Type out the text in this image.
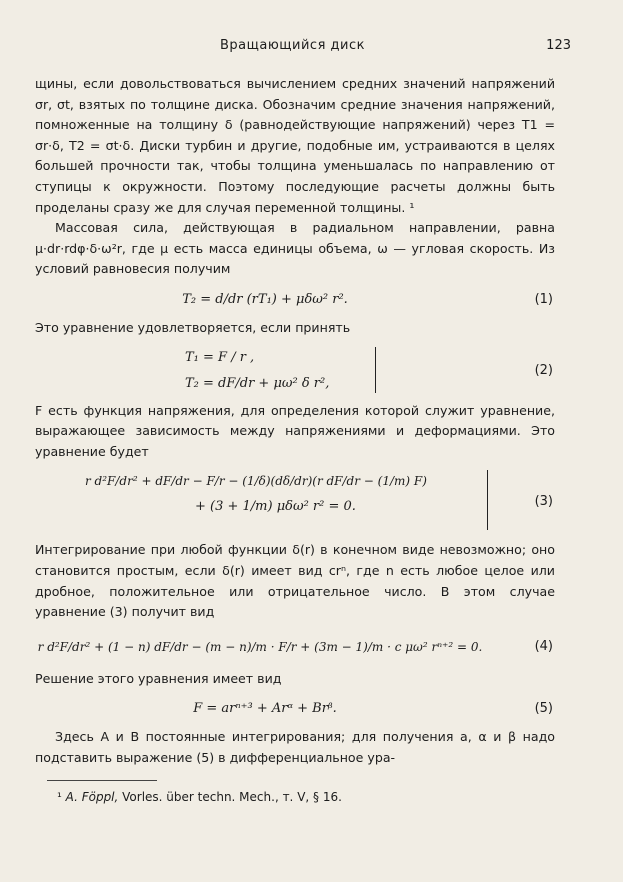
Вращающийся диск	123

щины, если довольствоваться вычислением средних значений напряжений σr, σt, взятых по толщине диска. Обозначим средние значения напряжений, помноженные на толщину δ (равнодействующие напряжений) через T1 = σr·δ, T2 = σt·δ. Диски турбин и другие, подобные им, устраиваются в целях большей прочности так, чтобы толщина уменьшалась по направлению от ступицы к окружности. Поэтому последующие расчеты должны быть проделаны сразу же для случая переменной толщины. ¹

Массовая сила, действующая в радиальном направлении, равна μ·dr·rdφ·δ·ω²r, где μ есть масса единицы объема, ω — угловая скорость. Из условий равновесия получим

T₂ = d/dr (rT₁) + μδω² r².	(1)

Это уравнение удовлетворяется, если принять

T₁ = F / r ,
T₂ = dF/dr + μω² δ r²,
(2)

F есть функция напряжения, для определения которой служит уравнение, выражающее зависимость между напряжениями и деформациями. Это уравнение будет

r d²F/dr² + dF/dr − F/r − (1/δ)(dδ/dr)(r dF/dr − (1/m) F)
+ (3 + 1/m) μδω² r² = 0.	(3)

Интегрирование при любой функции δ(r) в конечном виде невозможно; оно становится простым, если δ(r) имеет вид crⁿ, где n есть любое целое или дробное, положительное или отрицательное число. В этом случае уравнение (3) получит вид

r d²F/dr² + (1 − n) dF/dr − (m − n)/m · F/r + (3m − 1)/m · c μω² rⁿ⁺² = 0.	(4)

Решение этого уравнения имеет вид

F = arⁿ⁺³ + Arᵅ + Brᵝ.	(5)

Здесь A и B постоянные интегрирования; для получения a, α и β надо подставить выражение (5) в дифференциальное ура-

¹ A. Föppl, Vorles. über techn. Mech., т. V, § 16.
